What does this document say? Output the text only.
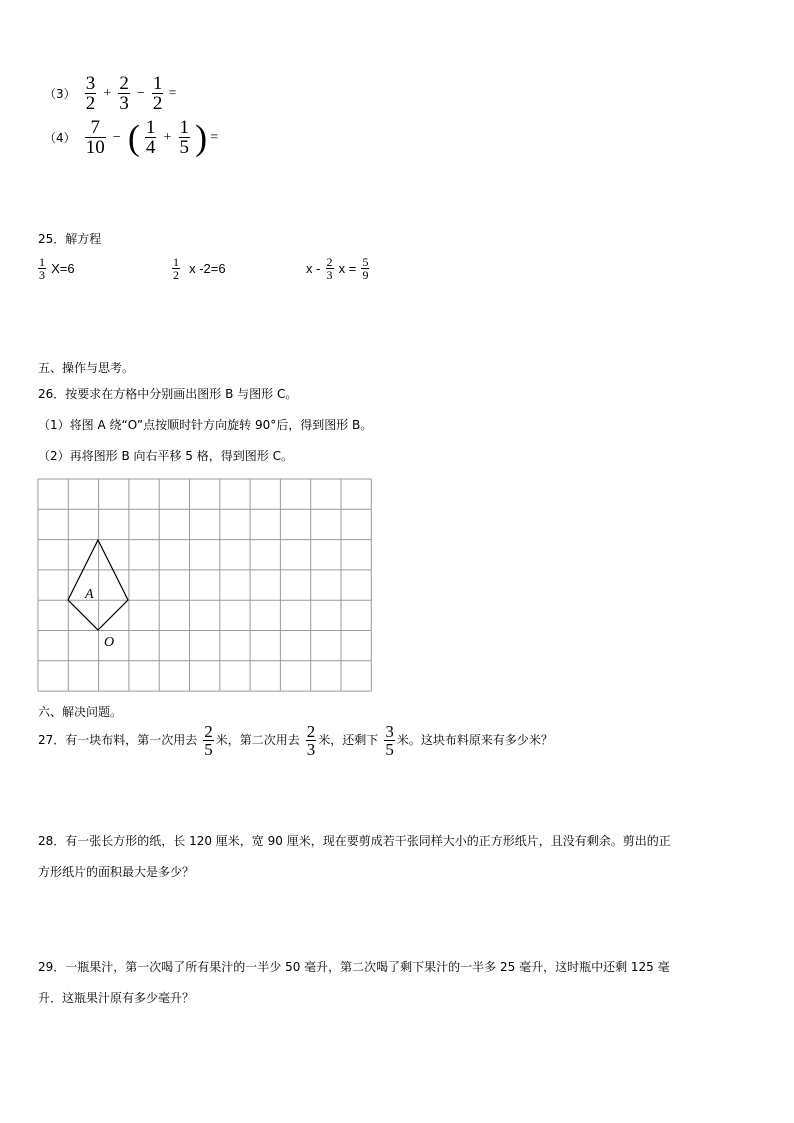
$(3) \frac{3}{2} + \frac{2}{3} - \frac{1}{2}$ =
$(4) \frac{7}{10}$ − ( $\frac{1}{4} + \frac{1}{5}$ ) =
25．解方程
$\frac{1}{3} X=6$	$\frac{1}{2}$ x -2=6	x - $\frac{2}{3}$ $x = \frac{5}{9}$
五、操作与思考。
26．按要求在方格中分别画出图形 B 与图形 C。
（1）将图 A 绕“O”点按顺时针方向旋转 90°后，得到图形 B。
（2）再将图形 B 向右平移 5 格，得到图形 C。
A
O
六、解决问题。
27．有一块布料，第一次用去 $\frac{2}{5}$ 米，第二次用去 $\frac{2}{3}$ 米，还剩下 $\frac{3}{5}$ 米。这块布料原来有多少米？
28．有一张长方形的纸，长 120 厘米，宽 90 厘米，现在要剪成若干张同样大小的正方形纸片，且没有剩余。剪出的正
方形纸片的面积最大是多少？
29．一瓶果汁，第一次喝了所有果汁的一半少 50 毫升，第二次喝了剩下果汁的一半多 25 毫升，这时瓶中还剩 125 毫
升．这瓶果汁原有多少毫升？
